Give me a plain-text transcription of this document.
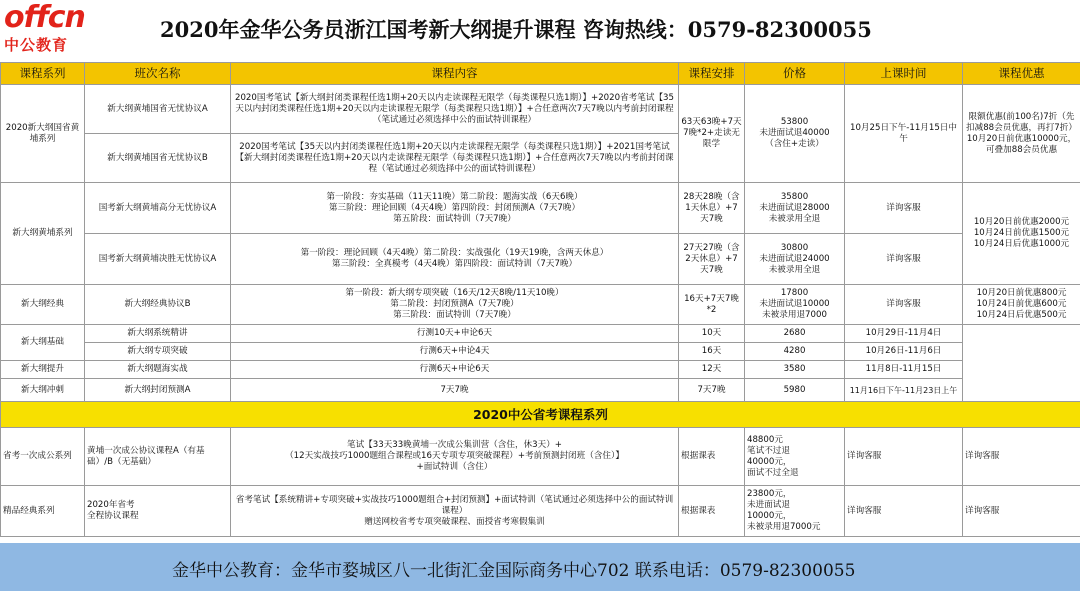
offcn
中公教育
2020年金华公务员浙江国考新大纲提升课程 咨询热线：0579-82300055
课程系列	班次名称	课程内容	课程安排	价格	上课时间	课程优惠
2020新大纲国省黄埔系列	新大纲黄埔国省无忧协议A	2020国考笔试【新大纲封闭类课程任选1期+20天以内走读课程无限学（每类课程只选1期）】+2020省考笔试【35天以内封闭类课程任选1期+20天以内走读课程无限学（每类课程只选1期）】+合任意两次7天7晚以内考前封闭课程（笔试通过必须选择中公的面试特训课程）	63天63晚+7天7晚*2+走读无限学	53800
未进面试退40000
（含住+走读）	10月25日下午-11月15日中午	限额优惠(前100名)7折（先扣减88会员优惠，再打7折） 10月20日前优惠10000元，可叠加88会员优惠
	新大纲黄埔国省无忧协议B	2020国考笔试【35天以内封闭类课程任选1期+20天以内走读课程无限学（每类课程只选1期）】+2021国考笔试【新大纲封闭类课程任选1期+20天以内走读课程无限学（每类课程只选1期）】+合任意两次7天7晚以内考前封闭课程（笔试通过必须选择中公的面试特训课程）				
新大纲黄埔系列	国考新大纲黄埔高分无忧协议A	第一阶段：夯实基础（11天11晚）第二阶段：题海实战（6天6晚）
第三阶段：理论回顾（4天4晚）第四阶段：封闭预测A（7天7晚）
第五阶段：面试特训（7天7晚）	28天28晚（含1天休息）+7天7晚	35800
未进面试退28000
未被录用全退	详询客服	10月20日前优惠2000元
10月24日前优惠1500元
10月24日后优惠1000元
	国考新大纲黄埔决胜无忧协议A	第一阶段：理论回顾（4天4晚）第二阶段：实战强化（19天19晚，含两天休息）
第三阶段：全真模考（4天4晚）第四阶段：面试特训（7天7晚）	27天27晚（含2天休息）+7天7晚	30800
未进面试退24000
未被录用全退	详询客服	
新大纲经典	新大纲经典协议B	第一阶段：新大纲专项突破（16天/12天8晚/11天10晚）
第二阶段：封闭预测A（7天7晚）
第三阶段：面试特训（7天7晚）	16天+7天7晚*2	17800
未进面试退10000
未被录用退7000	详询客服	10月20日前优惠800元
10月24日前优惠600元
10月24日后优惠500元
新大纲基础	新大纲系统精讲	行测10天+申论6天	10天	2680	10月29日-11月4日	
	新大纲专项突破	行测6天+申论4天	16天	4280	10月26日-11月6日	
新大纲提升	新大纲题海实战	行测6天+申论6天	12天	3580	11月8日-11月15日	
新大纲冲刺	新大纲封闭预测A	7天7晚	7天7晚	5980	11月16日下午-11月23日上午	
2020中公省考课程系列						
省考一次成公系列	黄埔一次成公协议课程A（有基础）/B（无基础）	笔试【33天33晚黄埔一次成公集训营（含住，休3天）+
（12天实战技巧1000题组合课程或16天专项专项突破课程）+考前预测封闭班（含住）】
+面试特训（含住）	根据课表	48800元
笔试不过退
40000元，
面试不过全退	详询客服	详询客服
精品经典系列	2020年省考
全程协议课程	省考笔试【系统精讲+专项突破+实战技巧1000题组合+封闭预测】+面试特训（笔试通过必须选择中公的面试特训课程）
赠送网校省考专项突破课程、面授省考寒假集训	根据课表	23800元，
未进面试退
10000元，
未被录用退7000元	详询客服	详询客服
金华中公教育：金华市婺城区八一北街汇金国际商务中心702 联系电话：0579-82300055
